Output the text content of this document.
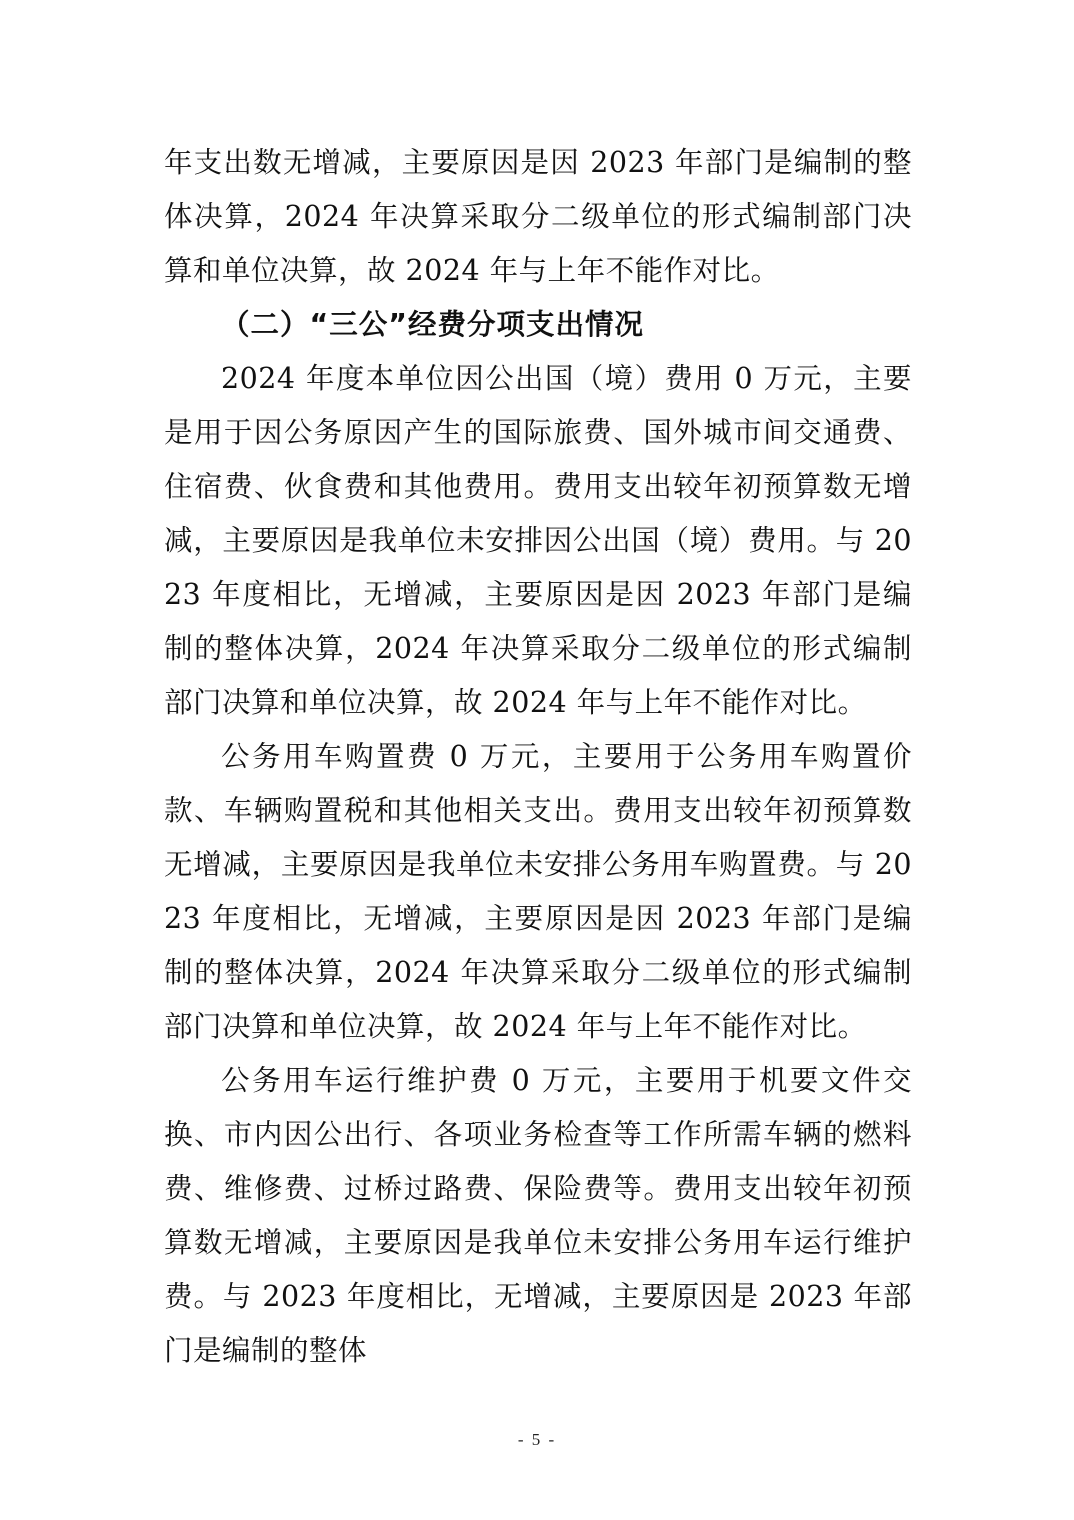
年支出数无增减，主要原因是因 2023 年部门是编制的整体决算，2024 年决算采取分二级单位的形式编制部门决算和单位决算，故 2024 年与上年不能作对比。

（二）“三公”经费分项支出情况

2024 年度本单位因公出国（境）费用 0 万元，主要是用于因公务原因产生的国际旅费、国外城市间交通费、住宿费、伙食费和其他费用。费用支出较年初预算数无增减，主要原因是我单位未安排因公出国（境）费用。与 2023 年度相比，无增减，主要原因是因 2023 年部门是编制的整体决算，2024 年决算采取分二级单位的形式编制部门决算和单位决算，故 2024 年与上年不能作对比。

公务用车购置费 0 万元，主要用于公务用车购置价款、车辆购置税和其他相关支出。费用支出较年初预算数无增减，主要原因是我单位未安排公务用车购置费。与 2023 年度相比，无增减，主要原因是因 2023 年部门是编制的整体决算，2024 年决算采取分二级单位的形式编制部门决算和单位决算，故 2024 年与上年不能作对比。

公务用车运行维护费 0 万元，主要用于机要文件交换、市内因公出行、各项业务检查等工作所需车辆的燃料费、维修费、过桥过路费、保险费等。费用支出较年初预算数无增减，主要原因是我单位未安排公务用车运行维护费。与 2023 年度相比，无增减，主要原因是 2023 年部门是编制的整体

- 5 -
